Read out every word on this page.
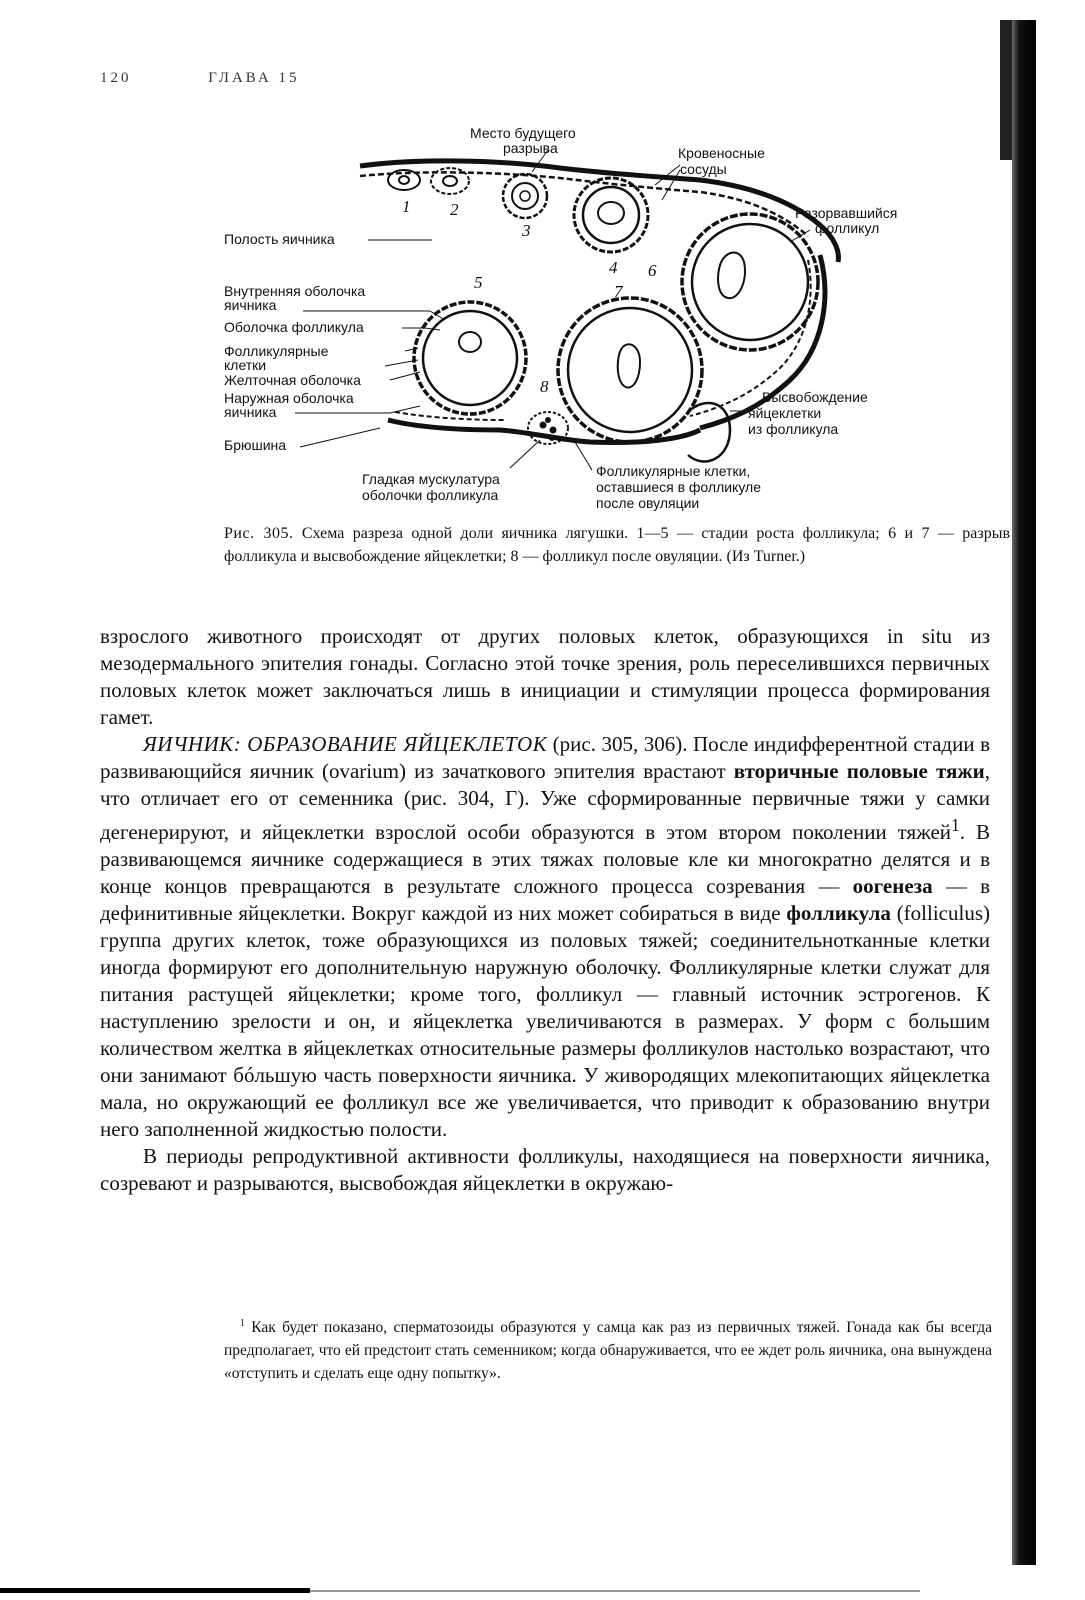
120	ГЛАВА 15
Место будущего
разрыва	Кровеносные
сосуды
Разорвавшийся
фолликул
Полость яичника
Внутренняя оболочка
яичника
Оболочка фолликула
Фолликулярные
клетки
Желточная оболочка
Наружная оболочка
яичника
Брюшина
Гладкая мускулатура
оболочки фолликула
Высвобождение
яйцеклетки
из фолликула
Фолликулярные клетки,
оставшиеся в фолликуле
после овуляции
1 2
3
4
5
6
7
8
Рис. 305. Схема разреза одной доли яичника лягушки. 1—5 — стадии роста фолликула; 6 и 7 — разрыв фолликула и высвобождение яйцеклетки; 8 — фолликул после овуляции. (Из Turner.)

взрослого животного происходят от других половых клеток, образующихся in situ из мезодермального эпителия гонады. Согласно этой точке зрения, роль переселившихся первичных половых клеток может заключаться лишь в инициации и стимуляции процесса формирования гамет.

ЯИЧНИК: ОБРАЗОВАНИЕ ЯЙЦЕКЛЕТОК (рис. 305, 306). После индифферентной стадии в развивающийся яичник (ovarium) из зачаткового эпителия врастают вторичные половые тяжи, что отличает его от семенника (рис. 304, Г). Уже сформированные первичные тяжи у самки дегенерируют, и яйцеклетки взрослой особи образуются в этом втором поколении тяжей$^1$. В развивающемся яичнике содержащиеся в этих тяжах половые кле ки многократно делятся и в конце концов превращаются в результате сложного процесса созревания — оогенеза — в дефинитивные яйцеклетки. Вокруг каждой из них может собираться в виде фолликула (folliculus) группа других клеток, тоже образующихся из половых тяжей; соединительнотканные клетки иногда формируют его дополнительную наружную оболочку. Фолликулярные клетки служат для питания растущей яйцеклетки; кроме того, фолликул — главный источник эстрогенов. К наступлению зрелости и он, и яйцеклетка увеличиваются в размерах. У форм с большим количеством желтка в яйцеклетках относительные размеры фолликулов настолько возрастают, что они занимают бóльшую часть поверхности яичника. У живородящих млекопитающих яйцеклетка мала, но окружающий ее фолликул все же увеличивается, что приводит к образованию внутри него заполненной жидкостью полости.

В периоды репродуктивной активности фолликулы, находящиеся на поверхности яичника, созревают и разрываются, высвобождая яйцеклетки в окружаю-

$^1$ Как будет показано, сперматозоиды образуются у самца как раз из первичных тяжей. Гонада как бы всегда предполагает, что ей предстоит стать семенником; когда обнаруживается, что ее ждет роль яичника, она вынуждена «отступить и сделать еще одну попытку».
